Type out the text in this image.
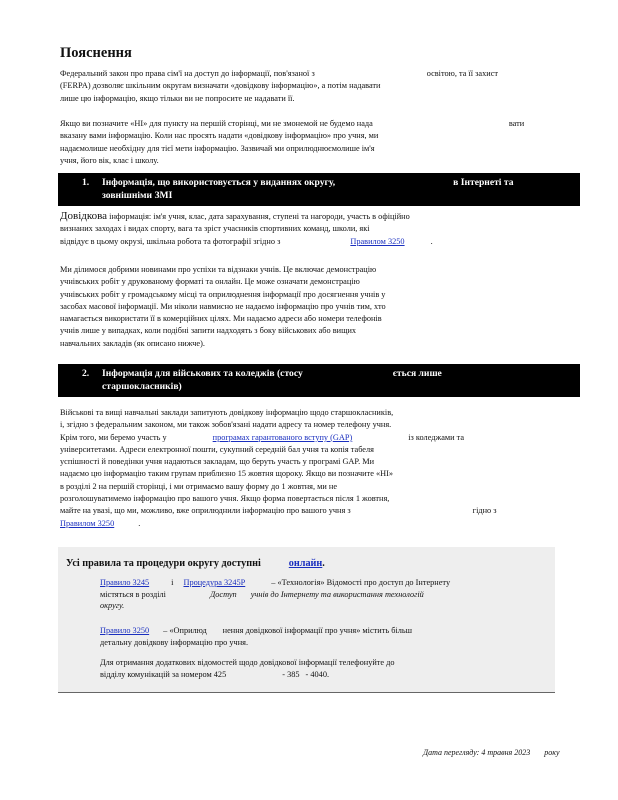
Пояснення
Федеральний закон про права сім'ї на доступ до інформації, пов'язаної з	освітою, та її захист
(FERPA) дозволяє шкільним округам визначати «довідкову інформацію», а потім надавати
лише цю інформацію, якщо тільки ви не попросите не надавати її.
Якщо ви позначите «НІ» для пункту на першій сторінці, ми не змонемой не будемо нада	вати
вказану вами інформацію. Коли нас просять надати «довідкову інформацію» про учня, ми
надаємолише необхідну для тієї мети інформацію. Зазвичай ми оприлюднюємолише ім'я
учня, його вік, клас і школу.
1. Інформація, що використовується у виданнях округу,	в Інтернеті та
зовнішніми ЗМІ
Довідкова інформація: ім'я учня, клас, дата зарахування, ступені та нагороди, участь в офіційно
визнаних заходах і видах спорту, вага та зріст учасників спортивних команд, школи, які
відвідує в цьому окрузі, шкільна робота та фотографії згідно з	Правилом 3250	.
Ми ділимося добрими новинами про успіхи та відзнаки учнів. Це включає демонстрацію
учнівських робіт у друкованому форматі та онлайн. Це може означати демонстрацію
учнівських робіт у громадському місці та оприлюднення інформації про досягнення учнів у
засобах масової інформації. Ми ніколи навмисно не надаємо інформацію про учнів тим, хто
намагається використати її в комерційних цілях. Ми надаємо адреси або номери телефонів
учнів лише у випадках, коли подібні запити надходять з боку військових або вищих
навчальних закладів (як описано нижче).
2. Інформація для військових та коледжів (стосу	ється лише
старшокласників)
Військові та вищі навчальні заклади запитують довідкову інформацію щодо старшокласників,
і, згідно з федеральним законом, ми також зобов'язані надати адресу та номер телефону учня.
Крім того, ми беремо участь у	програмах гарантованого вступу (GAP)	із коледжами та
університетами. Адреси електронної пошти, сукупний середній бал учня та копія табеля
успішності й поведінки учня надаються закладам, що беруть участь у програмі GAP. Ми
надаємо цю інформацію таким групам приблизно 15 жовтня щороку. Якщо ви позначите «НІ»
в розділі 2 на першій сторінці, і ми отримаємо вашу форму до 1 жовтня, ми не
розголошуватимемо інформацію про вашого учня. Якщо форма повертається після 1 жовтня,
майте на увазі, що ми, можливо, вже оприлюднили інформацію про вашого учня з	гідно з
Правилом 3250	.
Усі правила та процедури округу доступні	онлайн.
Правило 3245	і Процедура 3245P	– «Технологія» Відомості про доступ до Інтернету
містяться в розділі	Доступ учнів до Інтернету та використання технологій
округу.
Правило 3250 – «Оприлюд нення довідкової інформації про учня» містить більш
детальну довідкову інформацію про учня.
Для отримання додаткових відомостей щодо довідкової інформації телефонуйте до
відділу комунікацій за номером 425	- 385 - 4040.
Дата перегляду: 4 травня 2023 року
